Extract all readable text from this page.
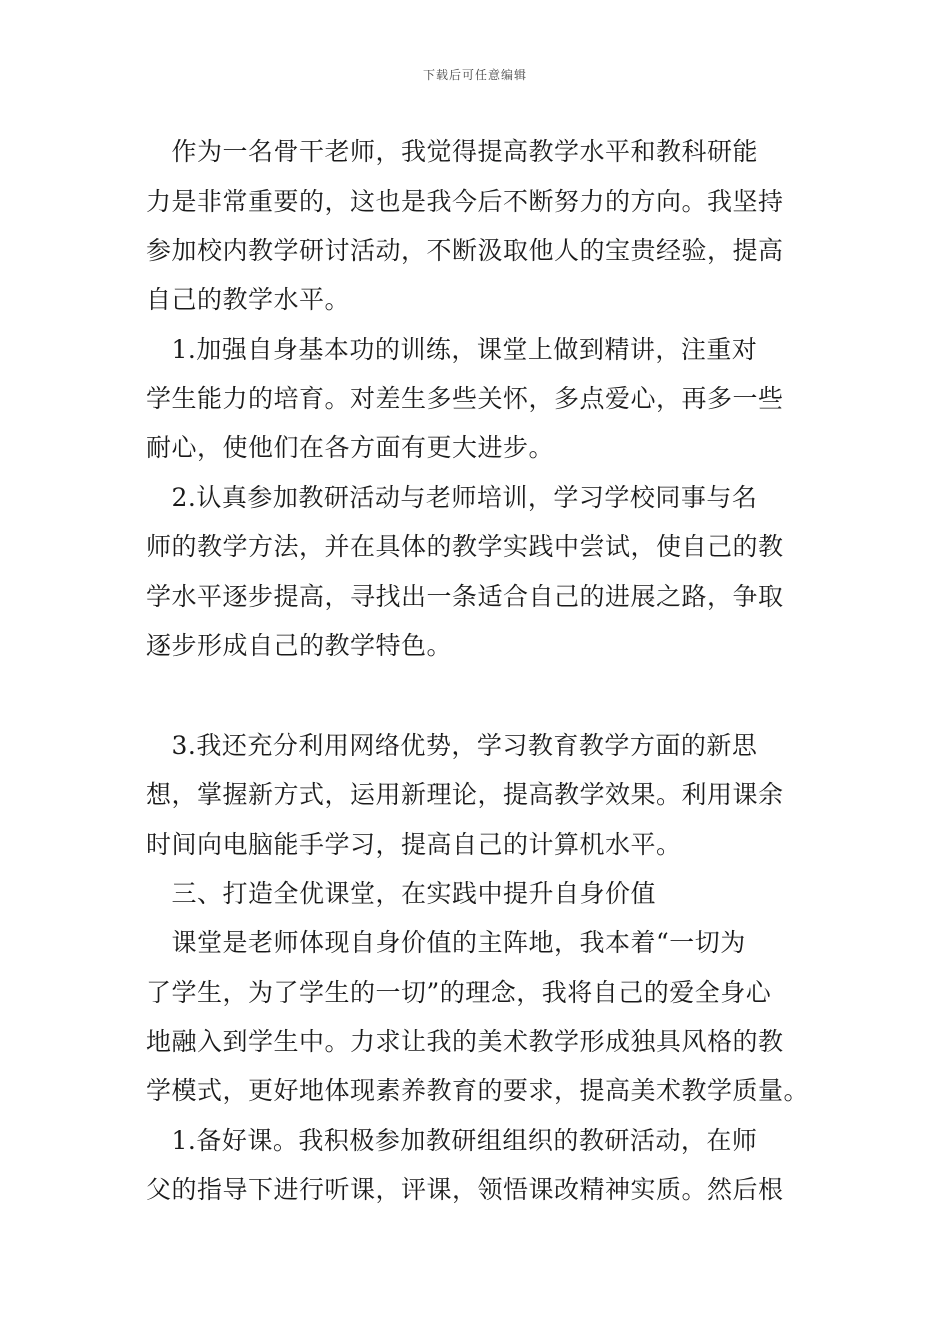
下载后可任意编辑
　作为一名骨干老师，我觉得提高教学水平和教科研能
力是非常重要的，这也是我今后不断努力的方向。我坚持
参加校内教学研讨活动，不断汲取他人的宝贵经验，提高
自己的教学水平。
　1.加强自身基本功的训练，课堂上做到精讲，注重对
学生能力的培育。对差生多些关怀，多点爱心，再多一些
耐心，使他们在各方面有更大进步。
　2.认真参加教研活动与老师培训，学习学校同事与名
师的教学方法，并在具体的教学实践中尝试，使自己的教
学水平逐步提高，寻找出一条适合自己的进展之路，争取
逐步形成自己的教学特色。
　3.我还充分利用网络优势，学习教育教学方面的新思
想，掌握新方式，运用新理论，提高教学效果。利用课余
时间向电脑能手学习，提高自己的计算机水平。
　三、打造全优课堂，在实践中提升自身价值
　课堂是老师体现自身价值的主阵地，我本着“一切为
了学生，为了学生的一切”的理念，我将自己的爱全身心
地融入到学生中。力求让我的美术教学形成独具风格的教
学模式，更好地体现素养教育的要求，提高美术教学质量。
　1.备好课。我积极参加教研组组织的教研活动，在师
父的指导下进行听课，评课，领悟课改精神实质。然后根
